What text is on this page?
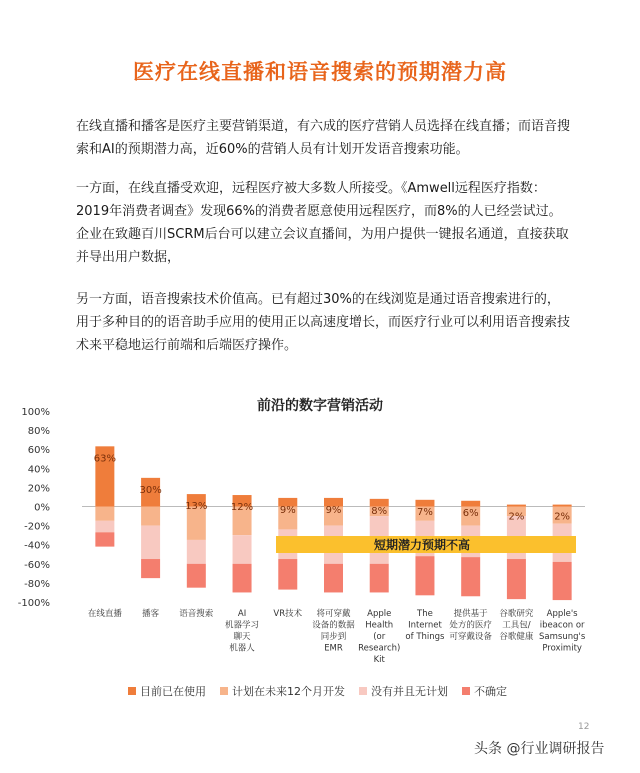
医疗在线直播和语音搜索的预期潜力高
在线直播和播客是医疗主要营销渠道，有六成的医疗营销人员选择在线直播；而语音搜索和AI的预期潜力高，近60%的营销人员有计划开发语音搜索功能。
一方面，在线直播受欢迎，远程医疗被大多数人所接受。《Amwell远程医疗指数：2019年消费者调查》发现66%的消费者愿意使用远程医疗，而8%的人已经尝试过。企业在致趣百川SCRM后台可以建立会议直播间，为用户提供一键报名通道，直接获取并导出用户数据，
另一方面，语音搜索技术价值高。已有超过30%的在线浏览是通过语音搜索进行的，用于多种目的的语音助手应用的使用正以高速度增长，而医疗行业可以利用语音搜索技术来平稳地运行前端和后端医疗操作。
前沿的数字营销活动
100%
80%
60%
40%
20%
0%
-20%
-40%
-60%
-80%
-100%
63%
在线直播
30%
播客
13%
语音搜索
12%
AI 机器学习聊天机器人
9%
VR技术
9%
将可穿戴设备的数据同步到 EMR
8%
Apple Health (or Research) Kit
7%
The Internet of Things
6%
提供基于处方的医疗可穿戴设备
2%
谷歌研究工具包/谷歌健康
2%
Apple's ibeacon or Samsung's Proximity
短期潜力预期不高
目前已在使用 计划在未来12个月开发 没有并且无计划 不确定
12
头条 @行业调研报告
